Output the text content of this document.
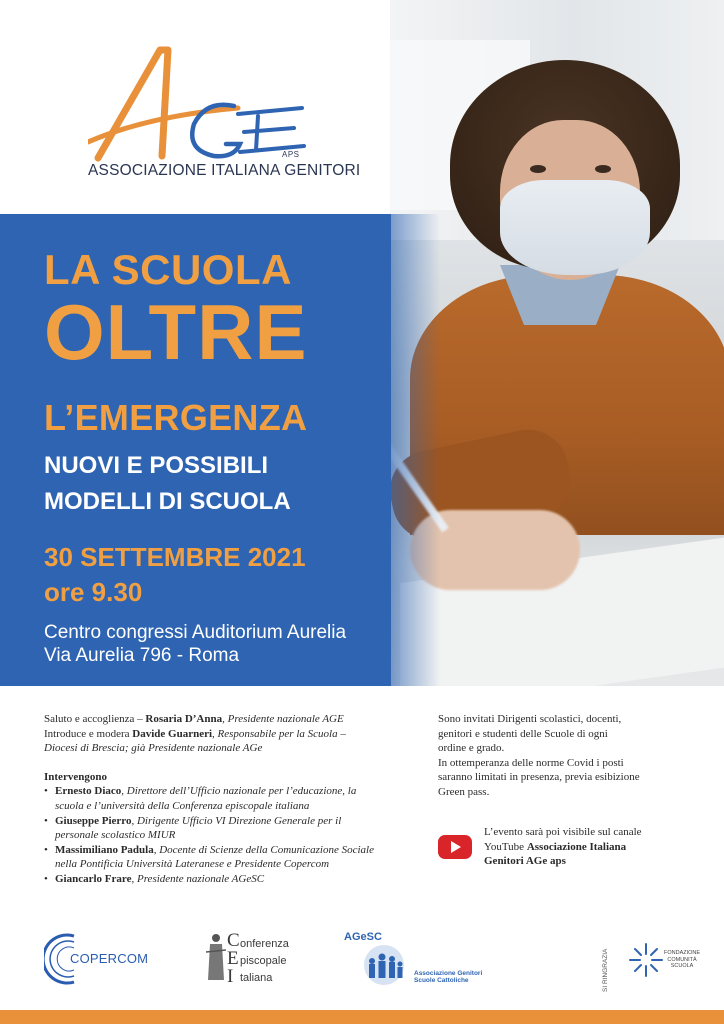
APS
ASSOCIAZIONE ITALIANA GENITORI
LA SCUOLA
OLTRE
L’EMERGENZA
NUOVI E POSSIBILI
MODELLI DI SCUOLA
30 SETTEMBRE 2021
ore 9.30
Centro congressi Auditorium Aurelia
Via Aurelia 796 - Roma

Saluto e accoglienza – Rosaria D’Anna, Presidente nazionale AGE

Introduce e modera Davide Guarneri, Responsabile per la Scuola –

Diocesi di Brescia; già Presidente nazionale AGe

Intervengono

• Ernesto Diaco, Direttore dell’Ufficio nazionale per l’educazione, la
scuola e l’università della Conferenza episcopale italiana
• Giuseppe Pierro, Dirigente Ufficio VI Direzione Generale per il
personale scolastico MIUR
• Massimiliano Padula, Docente di Scienze della Comunicazione Sociale
nella Pontificia Università Lateranese e Presidente Copercom
• Giancarlo Frare, Presidente nazionale AGeSC

Sono invitati Dirigenti scolastici, docenti,

genitori e studenti delle Scuole di ogni

ordine e grado.

In ottemperanza delle norme Covid i posti

saranno limitati in presenza, previa esibizione

Green pass.

L’evento sarà poi visibile sul canale

YouTube Associazione Italiana

Genitori AGe aps

COPERCOM
C onferenza
E piscopale
I taliana
AGeSC
Associazione Genitori
Scuole Cattoliche	SI RINGRAZIA	FONDAZIONE
COMUNITÀ
SCUOLA
